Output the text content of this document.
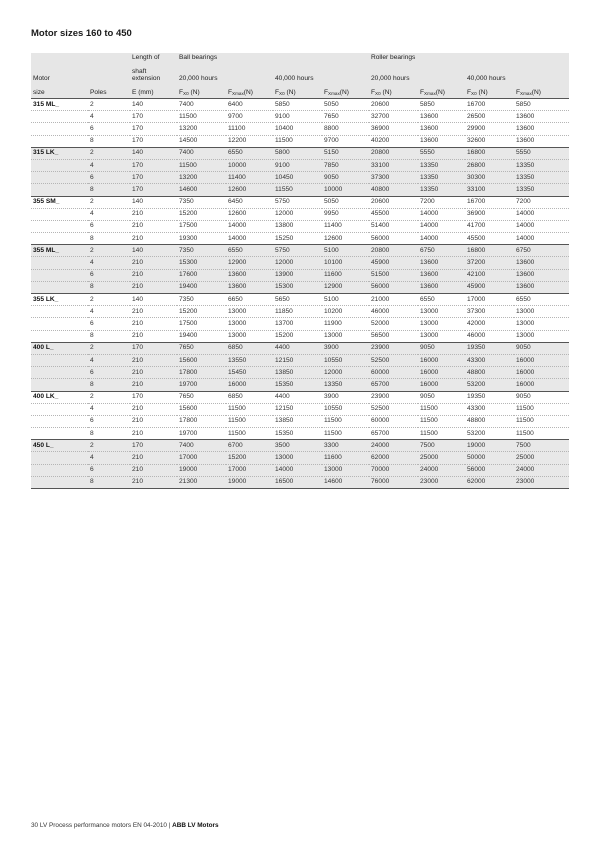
Motor sizes 160 to 450
		Length of	Ball bearings				Roller bearings			
Motor		shaft
extension	20,000 hours		40,000 hours		20,000 hours		40,000 hours	
size	Poles	E (mm)	$F_{X0}$ (N)	$F_{Xmax}(N)$	$F_{X0}$ (N)	$F_{Xmax}(N)$	$F_{X0}$ (N)	$F_{Xmax}(N)$	$F_{X0}$ (N)	$F_{Xmax}(N)$
315 ML_	2	140	7400	6400	5850	5050	20600	5850	16700	5850
	4	170	11500	9700	9100	7650	32700	13600	26500	13600
	6	170	13200	11100	10400	8800	36900	13600	29900	13600
	8	170	14500	12200	11500	9700	40200	13600	32600	13600
315 LK_	2	140	7400	6550	5800	5150	20800	5550	16800	5550
	4	170	11500	10000	9100	7850	33100	13350	26800	13350
	6	170	13200	11400	10450	9050	37300	13350	30300	13350
	8	170	14600	12600	11550	10000	40800	13350	33100	13350
355 SM_	2	140	7350	6450	5750	5050	20600	7200	16700	7200
	4	210	15200	12600	12000	9950	45500	14000	36900	14000
	6	210	17500	14000	13800	11400	51400	14000	41700	14000
	8	210	19300	14000	15250	12600	56000	14000	45500	14000
355 ML_	2	140	7350	6550	5750	5100	20800	6750	16800	6750
	4	210	15300	12900	12000	10100	45900	13600	37200	13600
	6	210	17600	13600	13900	11600	51500	13600	42100	13600
	8	210	19400	13600	15300	12900	56000	13600	45900	13600
355 LK_	2	140	7350	6650	5650	5100	21000	6550	17000	6550
	4	210	15200	13000	11850	10200	46000	13000	37300	13000
	6	210	17500	13000	13700	11900	52000	13000	42000	13000
	8	210	19400	13000	15200	13000	56500	13000	46000	13000
400 L_	2	170	7650	6850	4400	3900	23900	9050	19350	9050
	4	210	15600	13550	12150	10550	52500	16000	43300	16000
	6	210	17800	15450	13850	12000	60000	16000	48800	16000
	8	210	19700	16000	15350	13350	65700	16000	53200	16000
400 LK_	2	170	7650	6850	4400	3900	23900	9050	19350	9050
	4	210	15600	11500	12150	10550	52500	11500	43300	11500
	6	210	17800	11500	13850	11500	60000	11500	48800	11500
	8	210	19700	11500	15350	11500	65700	11500	53200	11500
450 L_	2	170	7400	6700	3500	3300	24000	7500	19000	7500
	4	210	17000	15200	13000	11600	62000	25000	50000	25000
	6	210	19000	17000	14000	13000	70000	24000	56000	24000
	8	210	21300	19000	16500	14600	76000	23000	62000	23000
30 LV Process performance motors EN 04-2010 | ABB LV Motors
